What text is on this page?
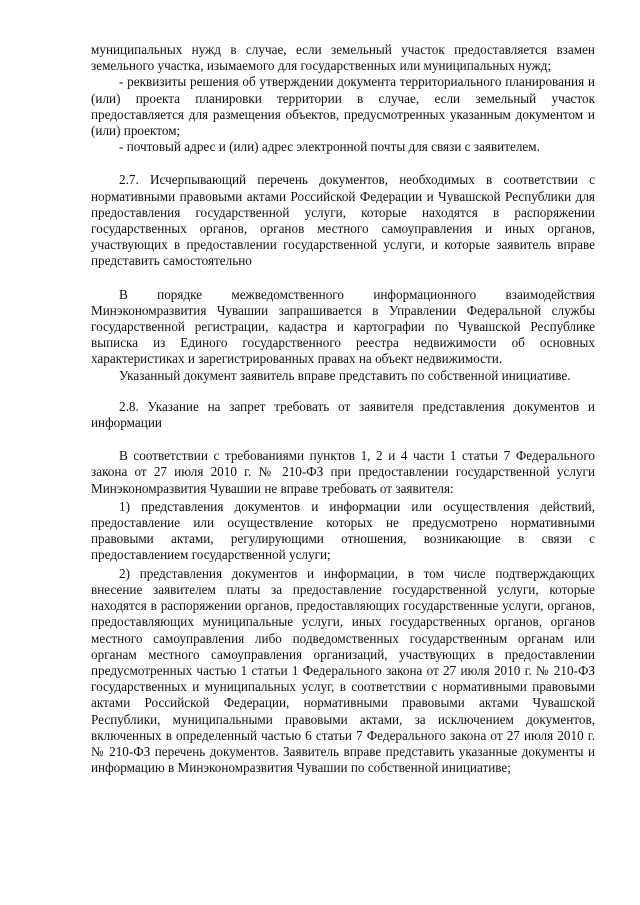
муниципальных нужд в случае, если земельный участок предоставляется взамен земельного участка, изымаемого для государственных или муниципальных нужд;

- реквизиты решения об утверждении документа территориального планирования и (или) проекта планировки территории в случае, если земельный участок предоставляется для размещения объектов, предусмотренных указанным документом и (или) проектом;

- почтовый адрес и (или) адрес электронной почты для связи с заявителем.

2.7. Исчерпывающий перечень документов, необходимых в соответствии с нормативными правовыми актами Российской Федерации и Чувашской Республики для предоставления государственной услуги, которые находятся в распоряжении государственных органов, органов местного самоуправления и иных органов, участвующих в предоставлении государственной услуги, и которые заявитель вправе представить самостоятельно

В порядке межведомственного информационного взаимодействия Минэкономразвития Чувашии запрашивается в Управлении Федеральной службы государственной регистрации, кадастра и картографии по Чувашской Республике выписка из Единого государственного реестра недвижимости об основных характеристиках и зарегистрированных правах на объект недвижимости.

Указанный документ заявитель вправе представить по собственной инициативе.

2.8. Указание на запрет требовать от заявителя представления документов и информации

В соответствии с требованиями пунктов 1, 2 и 4 части 1 статьи 7 Федерального закона от 27 июля 2010 г. № 210-ФЗ при предоставлении государственной услуги Минэкономразвития Чувашии не вправе требовать от заявителя:

1) представления документов и информации или осуществления действий, предоставление или осуществление которых не предусмотрено нормативными правовыми актами, регулирующими отношения, возникающие в связи с предоставлением государственной услуги;

2) представления документов и информации, в том числе подтверждающих внесение заявителем платы за предоставление государственной услуги, которые находятся в распоряжении органов, предоставляющих государственные услуги, органов, предоставляющих муниципальные услуги, иных государственных органов, органов местного самоуправления либо подведомственных государственным органам или органам местного самоуправления организаций, участвующих в предоставлении предусмотренных частью 1 статьи 1 Федерального закона от 27 июля 2010 г. № 210-ФЗ государственных и муниципальных услуг, в соответствии с нормативными правовыми актами Российской Федерации, нормативными правовыми актами Чувашской Республики, муниципальными правовыми актами, за исключением документов, включенных в определенный частью 6 статьи 7 Федерального закона от 27 июля 2010 г. № 210-ФЗ перечень документов. Заявитель вправе представить указанные документы и информацию в Минэкономразвития Чувашии по собственной инициативе;
